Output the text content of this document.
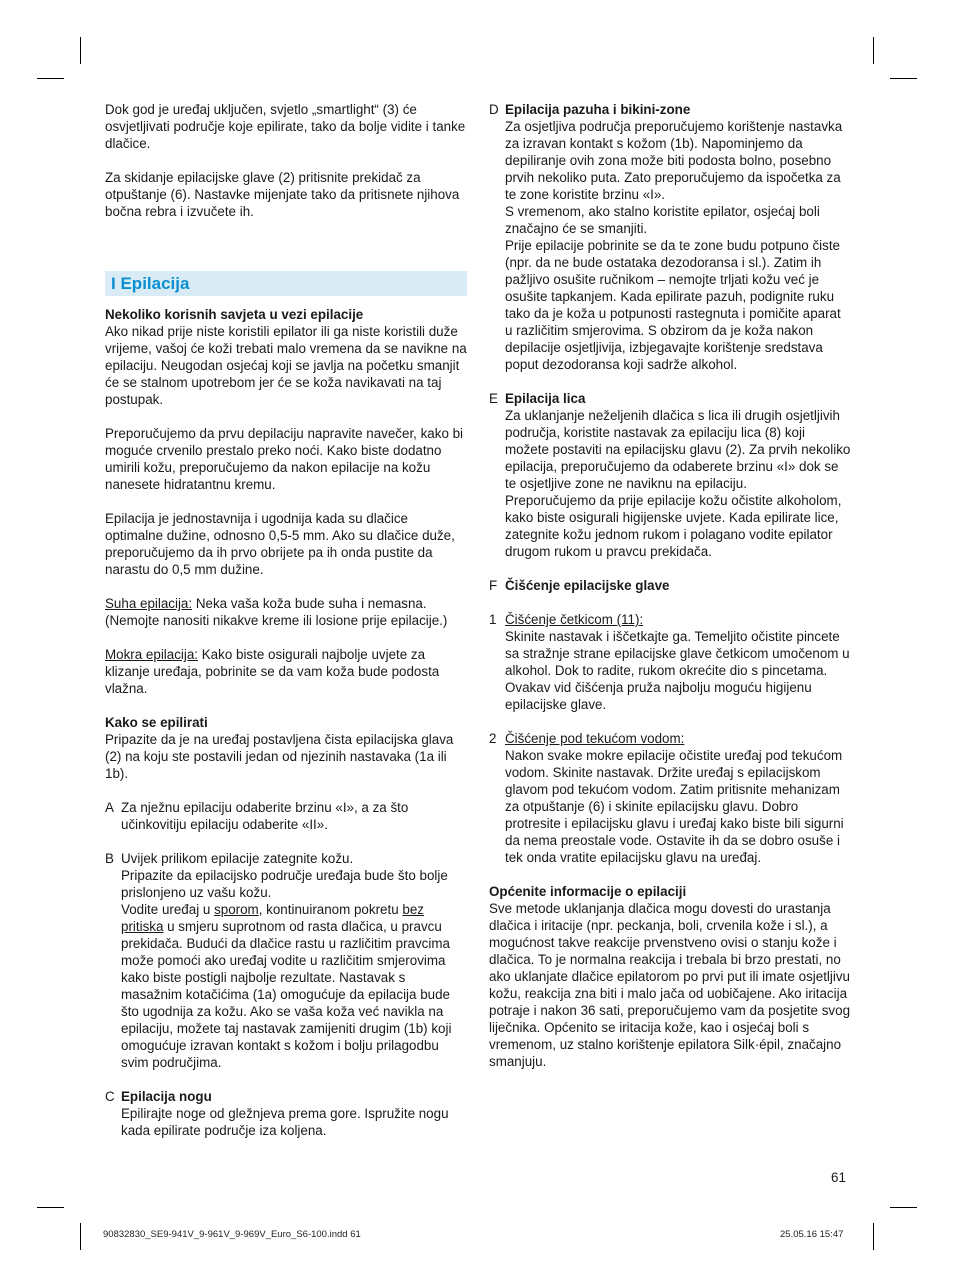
Dok god je uređaj uključen, svjetlo „smartlight“ (3) će osvjetljivati područje koje epilirate, tako da bolje vidite i tanke dlačice.

Za skidanje epilacijske glave (2) pritisnite prekidač za otpuštanje (6). Nastavke mijenjate tako da pritisnete njihova bočna rebra i izvučete ih.

I Epilacija

Nekoliko korisnih savjeta u vezi epilacije

Ako nikad prije niste koristili epilator ili ga niste koristili duže vrijeme, vašoj će koži trebati malo vremena da se navikne na epilaciju. Neugodan osjećaj koji se javlja na početku smanjit će se stalnom upotrebom jer će se koža navikavati na taj postupak.

Preporučujemo da prvu depilaciju napravite navečer, kako bi moguće crvenilo prestalo preko noći. Kako biste dodatno umirili kožu, preporučujemo da nakon epilacije na kožu nanesete hidratantnu kremu.

Epilacija je jednostavnija i ugodnija kada su dlačice optimalne dužine, odnosno 0,5-5 mm. Ako su dlačice duže, preporučujemo da ih prvo obrijete pa ih onda pustite da narastu do 0,5 mm dužine.

Suha epilacija: Neka vaša koža bude suha i nemasna. (Nemojte nanositi nikakve kreme ili losione prije epilacije.)

Mokra epilacija: Kako biste osigurali najbolje uvjete za klizanje uređaja, pobrinite se da vam koža bude podosta vlažna.

Kako se epilirati

Pripazite da je na uređaj postavljena čista epilacijska glava (2) na koju ste postavili jedan od njezinih nastavaka (1a ili 1b).

A Za nježnu epilaciju odaberite brzinu «I», a za što učinkovitiju epilaciju odaberite «II».

B Uvijek prilikom epilacije zategnite kožu.

Pripazite da epilacijsko područje uređaja bude što bolje prislonjeno uz vašu kožu.

Vodite uređaj u sporom, kontinuiranom pokretu bez pritiska u smjeru suprotnom od rasta dlačica, u pravcu prekidača. Budući da dlačice rastu u različitim pravcima može pomoći ako uređaj vodite u različitim smjerovima kako biste postigli najbolje rezultate. Nastavak s masažnim kotačićima (1a) omogućuje da epilacija bude što ugodnija za kožu. Ako se vaša koža već navikla na epilaciju, možete taj nastavak zamijeniti drugim (1b) koji omogućuje izravan kontakt s kožom i bolju prilagodbu svim područjima.

C Epilacija nogu

Epilirajte noge od gležnjeva prema gore. Ispružite nogu kada epilirate područje iza koljena.

D Epilacija pazuha i bikini-zone

Za osjetljiva područja preporučujemo korištenje nastavka za izravan kontakt s kožom (1b). Napominjemo da depiliranje ovih zona može biti podosta bolno, posebno prvih nekoliko puta. Zato preporučujemo da ispočetka za te zone koristite brzinu «I».

S vremenom, ako stalno koristite epilator, osjećaj boli značajno će se smanjiti.

Prije epilacije pobrinite se da te zone budu potpuno čiste (npr. da ne bude ostataka dezodoransa i sl.). Zatim ih pažljivo osušite ručnikom – nemojte trljati kožu već je osušite tapkanjem. Kada epilirate pazuh, podignite ruku tako da je koža u potpunosti rastegnuta i pomičite aparat u različitim smjerovima. S obzirom da je koža nakon depilacije osjetljivija, izbjegavajte korištenje sredstava poput dezodoransa koji sadrže alkohol.

E Epilacija lica

Za uklanjanje neželjenih dlačica s lica ili drugih osjetljivih područja, koristite nastavak za epilaciju lica (8) koji možete postaviti na epilacijsku glavu (2). Za prvih nekoliko epilacija, preporučujemo da odaberete brzinu «I» dok se te osjetljive zone ne naviknu na epilaciju.

Preporučujemo da prije epilacije kožu očistite alkoholom, kako biste osigurali higijenske uvjete. Kada epilirate lice, zategnite kožu jednom rukom i polagano vodite epilator drugom rukom u pravcu prekidača.

F Čišćenje epilacijske glave

1 Čišćenje četkicom (11):

Skinite nastavak i iščetkajte ga. Temeljito očistite pincete sa stražnje strane epilacijske glave četkicom umočenom u alkohol. Dok to radite, rukom okrećite dio s pincetama. Ovakav vid čišćenja pruža najbolju moguću higijenu epilacijske glave.

2 Čišćenje pod tekućom vodom:

Nakon svake mokre epilacije očistite uređaj pod tekućom vodom. Skinite nastavak. Držite uređaj s epilacijskom glavom pod tekućom vodom. Zatim pritisnite mehanizam za otpuštanje (6) i skinite epilacijsku glavu. Dobro protresite i epilacijsku glavu i uređaj kako biste bili sigurni da nema preostale vode. Ostavite ih da se dobro osuše i tek onda vratite epilacijsku glavu na uređaj.

Općenite informacije o epilaciji

Sve metode uklanjanja dlačica mogu dovesti do urastanja dlačica i iritacije (npr. peckanja, boli, crvenila kože i sl.), a mogućnost takve reakcije prvenstveno ovisi o stanju kože i dlačica. To je normalna reakcija i trebala bi brzo prestati, no ako uklanjate dlačice epilatorom po prvi put ili imate osjetljivu kožu, reakcija zna biti i malo jača od uobičajene. Ako iritacija potraje i nakon 36 sati, preporučujemo vam da posjetite svog liječnika. Općenito se iritacija kože, kao i osjećaj boli s vremenom, uz stalno korištenje epilatora Silk·épil, značajno smanjuju.

61
90832830_SE9-941V_9-961V_9-969V_Euro_S6-100.indd 61	25.05.16 15:47
